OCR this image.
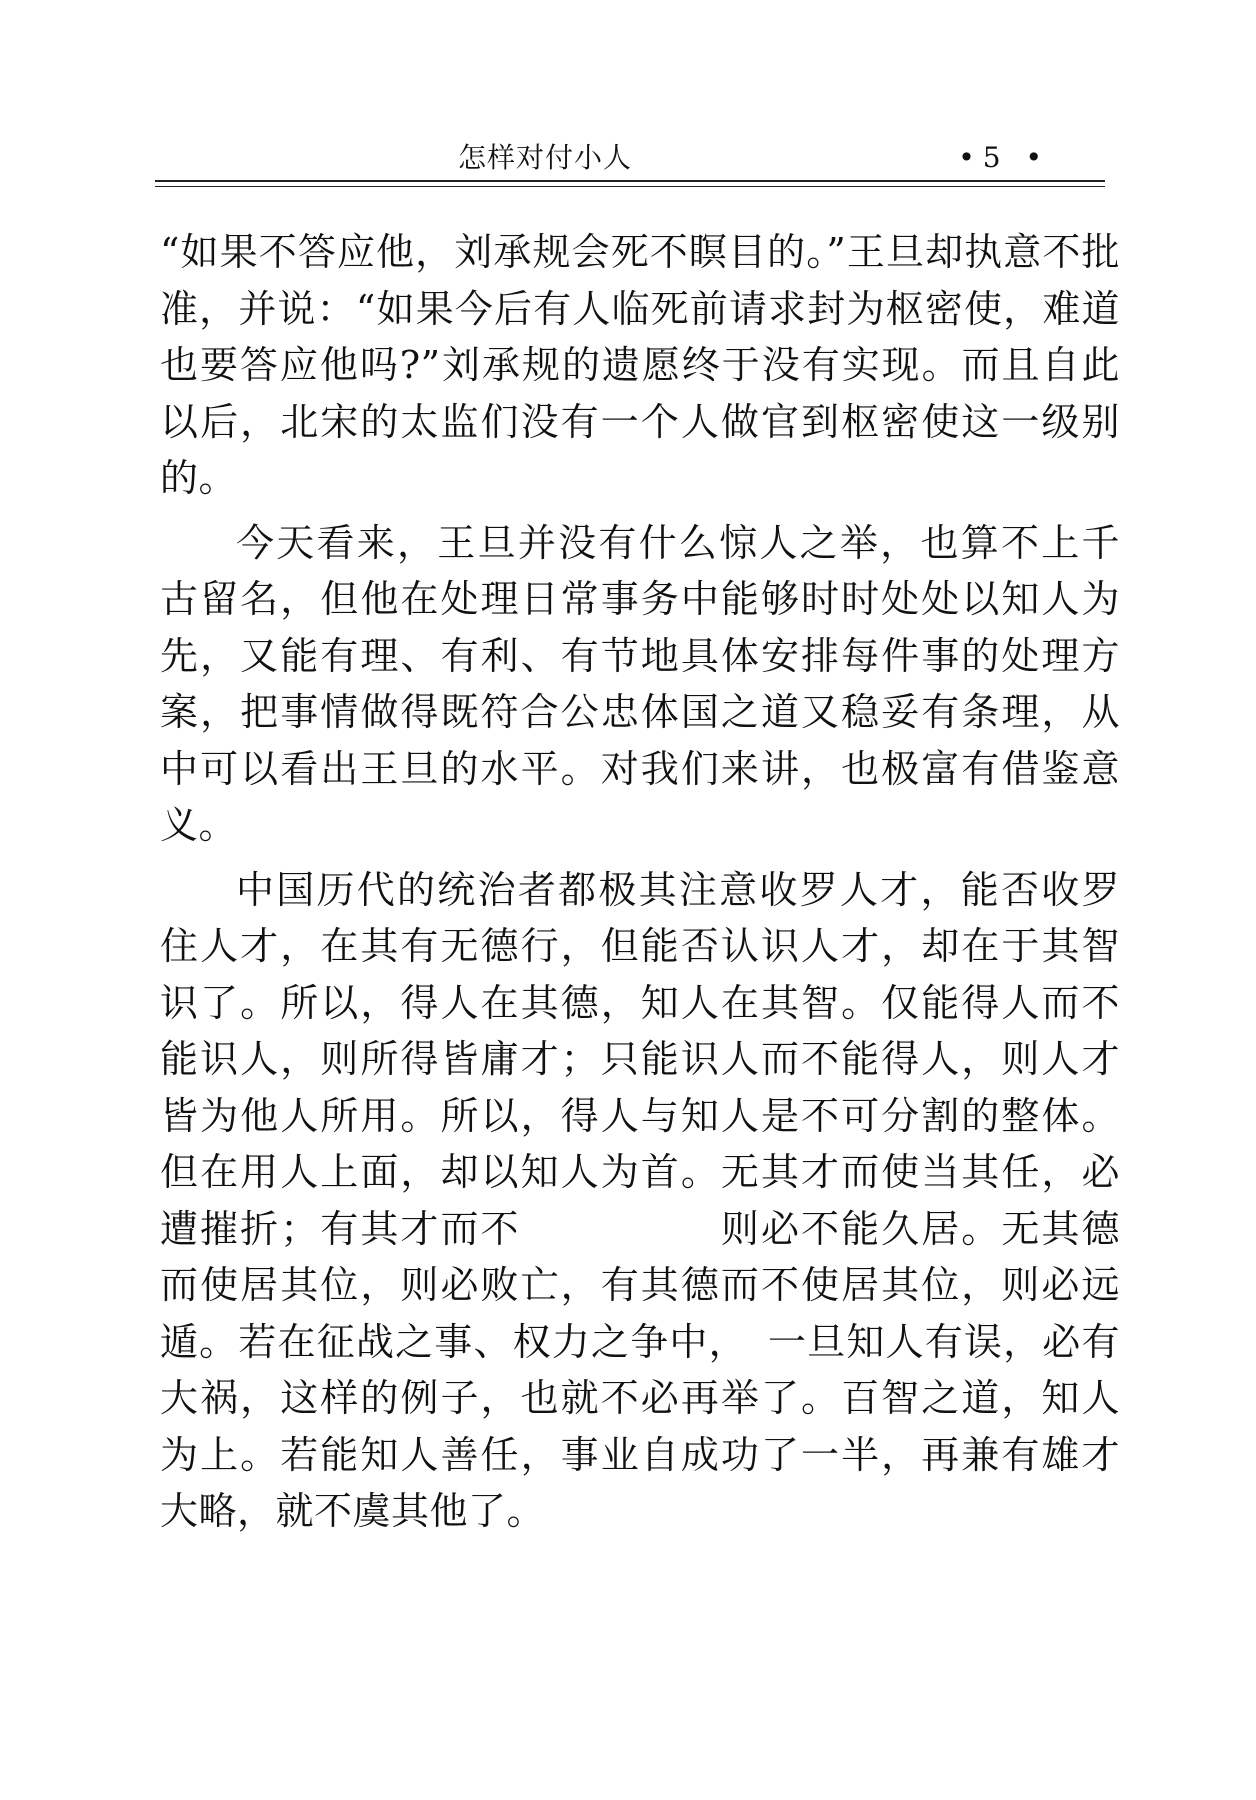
怎样对付小人	•5 •

“如果不答应他，刘承规会死不瞑目的。”王旦却执意不批准，并说：“如果今后有人临死前请求封为枢密使，难道也要答应他吗?”刘承规的遗愿终于没有实现。而且自此以后，北宋的太监们没有一个人做官到枢密使这一级别的。

今天看来，王旦并没有什么惊人之举，也算不上千古留名，但他在处理日常事务中能够时时处处以知人为先，又能有理、有利、有节地具体安排每件事的处理方案，把事情做得既符合公忠体国之道又稳妥有条理，从中可以看出王旦的水平。对我们来讲，也极富有借鉴意义。

中国历代的统治者都极其注意收罗人才，能否收罗住人才，在其有无德行，但能否认识人才，却在于其智识了。所以，得人在其德，知人在其智。仅能得人而不能识人，则所得皆庸才；只能识人而不能得人，则人才皆为他人所用。所以，得人与知人是不可分割的整体。但在用人上面，却以知人为首。无其才而使当其任，必遭摧折；有其才而不　　　　　则必不能久居。无其德而使居其位，则必败亡，有其德而不使居其位，则必远遁。若在征战之事、权力之争中，　一旦知人有误，必有大祸，这样的例子，也就不必再举了。百智之道，知人为上。若能知人善任，事业自成功了一半，再兼有雄才大略，就不虞其他了。
